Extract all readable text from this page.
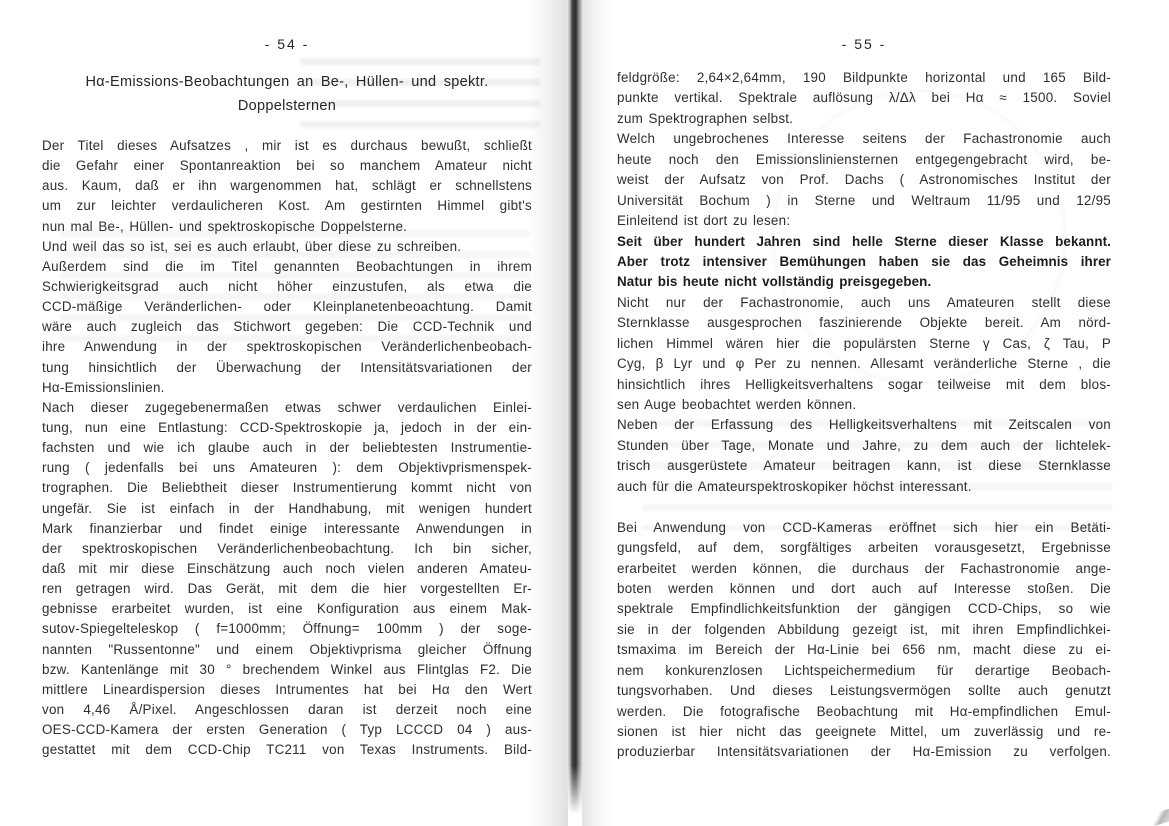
- 54 -
Hα-Emissions-Beobachtungen an Be-, Hüllen- und spektr.
Doppelsternen
Der Titel dieses Aufsatzes , mir ist es durchaus bewußt, schließt
die Gefahr einer Spontanreaktion bei so manchem Amateur nicht
aus. Kaum, daß er ihn wargenommen hat, schlägt er schnellstens
um zur leichter verdaulicheren Kost. Am gestirnten Himmel gibt's
nun mal Be-, Hüllen- und spektroskopische Doppelsterne.
Und weil das so ist, sei es auch erlaubt, über diese zu schreiben.
Außerdem sind die im Titel genannten Beobachtungen in ihrem
Schwierigkeitsgrad auch nicht höher einzustufen, als etwa die
CCD-mäßige Veränderlichen- oder Kleinplanetenbeoachtung. Damit
wäre auch zugleich das Stichwort gegeben: Die CCD-Technik und
ihre Anwendung in der spektroskopischen Veränderlichenbeobach-
tung hinsichtlich der Überwachung der Intensitätsvariationen der
Hα-Emissionslinien.
Nach dieser zugegebenermaßen etwas schwer verdaulichen Einlei-
tung, nun eine Entlastung: CCD-Spektroskopie ja, jedoch in der ein-
fachsten und wie ich glaube auch in der beliebtesten Instrumentie-
rung ( jedenfalls bei uns Amateuren ): dem Objektivprismenspek-
trographen. Die Beliebtheit dieser Instrumentierung kommt nicht von
ungefär. Sie ist einfach in der Handhabung, mit wenigen hundert
Mark finanzierbar und findet einige interessante Anwendungen in
der spektroskopischen Veränderlichenbeobachtung. Ich bin sicher,
daß mit mir diese Einschätzung auch noch vielen anderen Amateu-
ren getragen wird. Das Gerät, mit dem die hier vorgestellten Er-
gebnisse erarbeitet wurden, ist eine Konfiguration aus einem Mak-
sutov-Spiegelteleskop ( f=1000mm; Öffnung= 100mm ) der soge-
nannten "Russentonne" und einem Objektivprisma gleicher Öffnung
bzw. Kantenlänge mit 30 ° brechendem Winkel aus Flintglas F2. Die
mittlere Lineardispersion dieses Intrumentes hat bei Hα den Wert
von 4,46 Å/Pixel. Angeschlossen daran ist derzeit noch eine
OES-CCD-Kamera der ersten Generation ( Typ LCCCD 04 ) aus-
gestattet mit dem CCD-Chip TC211 von Texas Instruments. Bild-
- 55 -
feldgröße: 2,64×2,64mm, 190 Bildpunkte horizontal und 165 Bild-
punkte vertikal. Spektrale auflösung λ/Δλ bei Hα ≈ 1500. Soviel
zum Spektrographen selbst.
Welch ungebrochenes Interesse seitens der Fachastronomie auch
heute noch den Emissionsliniensternen entgegengebracht wird, be-
weist der Aufsatz von Prof. Dachs ( Astronomisches Institut der
Universität Bochum ) in Sterne und Weltraum 11/95 und 12/95
Einleitend ist dort zu lesen:
Seit über hundert Jahren sind helle Sterne dieser Klasse bekannt.
Aber trotz intensiver Bemühungen haben sie das Geheimnis ihrer
Natur bis heute nicht vollständig preisgegeben.
Nicht nur der Fachastronomie, auch uns Amateuren stellt diese
Sternklasse ausgesprochen faszinierende Objekte bereit. Am nörd-
lichen Himmel wären hier die populärsten Sterne γ Cas, ζ Tau, P
Cyg, β Lyr und φ Per zu nennen. Allesamt veränderliche Sterne , die
hinsichtlich ihres Helligkeitsverhaltens sogar teilweise mit dem blos-
sen Auge beobachtet werden können.
Neben der Erfassung des Helligkeitsverhaltens mit Zeitscalen von
Stunden über Tage, Monate und Jahre, zu dem auch der lichtelek-
trisch ausgerüstete Amateur beitragen kann, ist diese Sternklasse
auch für die Amateurspektroskopiker höchst interessant.
Bei Anwendung von CCD-Kameras eröffnet sich hier ein Betäti-
gungsfeld, auf dem, sorgfältiges arbeiten vorausgesetzt, Ergebnisse
erarbeitet werden können, die durchaus der Fachastronomie ange-
boten werden können und dort auch auf Interesse stoßen. Die
spektrale Empfindlichkeitsfunktion der gängigen CCD-Chips, so wie
sie in der folgenden Abbildung gezeigt ist, mit ihren Empfindlichkei-
tsmaxima im Bereich der Hα-Linie bei 656 nm, macht diese zu ei-
nem konkurenzlosen Lichtspeichermedium für derartige Beobach-
tungsvorhaben. Und dieses Leistungsvermögen sollte auch genutzt
werden. Die fotografische Beobachtung mit Hα-empfindlichen Emul-
sionen ist hier nicht das geeignete Mittel, um zuverlässig und re-
produzierbar Intensitätsvariationen der Hα-Emission zu verfolgen.
